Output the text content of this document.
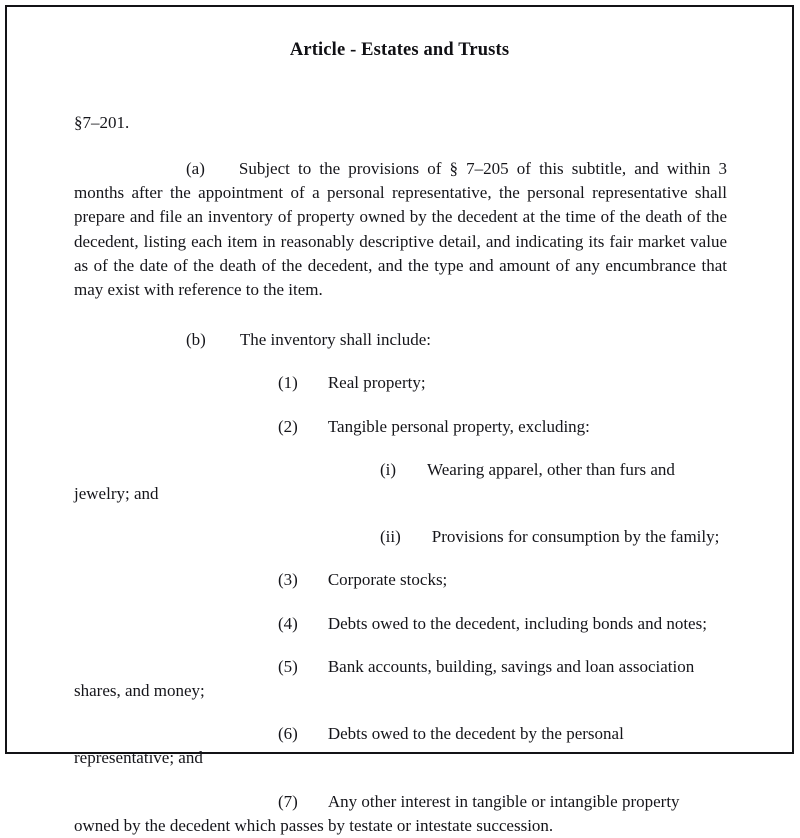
Article - Estates and Trusts

§7–201.

(a) Subject to the provisions of § 7–205 of this subtitle, and within 3 months after the appointment of a personal representative, the personal representative shall prepare and file an inventory of property owned by the decedent at the time of the death of the decedent, listing each item in reasonably descriptive detail, and indicating its fair market value as of the date of the death of the decedent, and the type and amount of any encumbrance that may exist with reference to the item.

(b) The inventory shall include:

(1) Real property;

(2) Tangible personal property, excluding:

(i) Wearing apparel, other than furs and jewelry; and

(ii) Provisions for consumption by the family;

(3) Corporate stocks;

(4) Debts owed to the decedent, including bonds and notes;

(5) Bank accounts, building, savings and loan association shares, and money;

(6) Debts owed to the decedent by the personal representative; and

(7) Any other interest in tangible or intangible property owned by the decedent which passes by testate or intestate succession.
